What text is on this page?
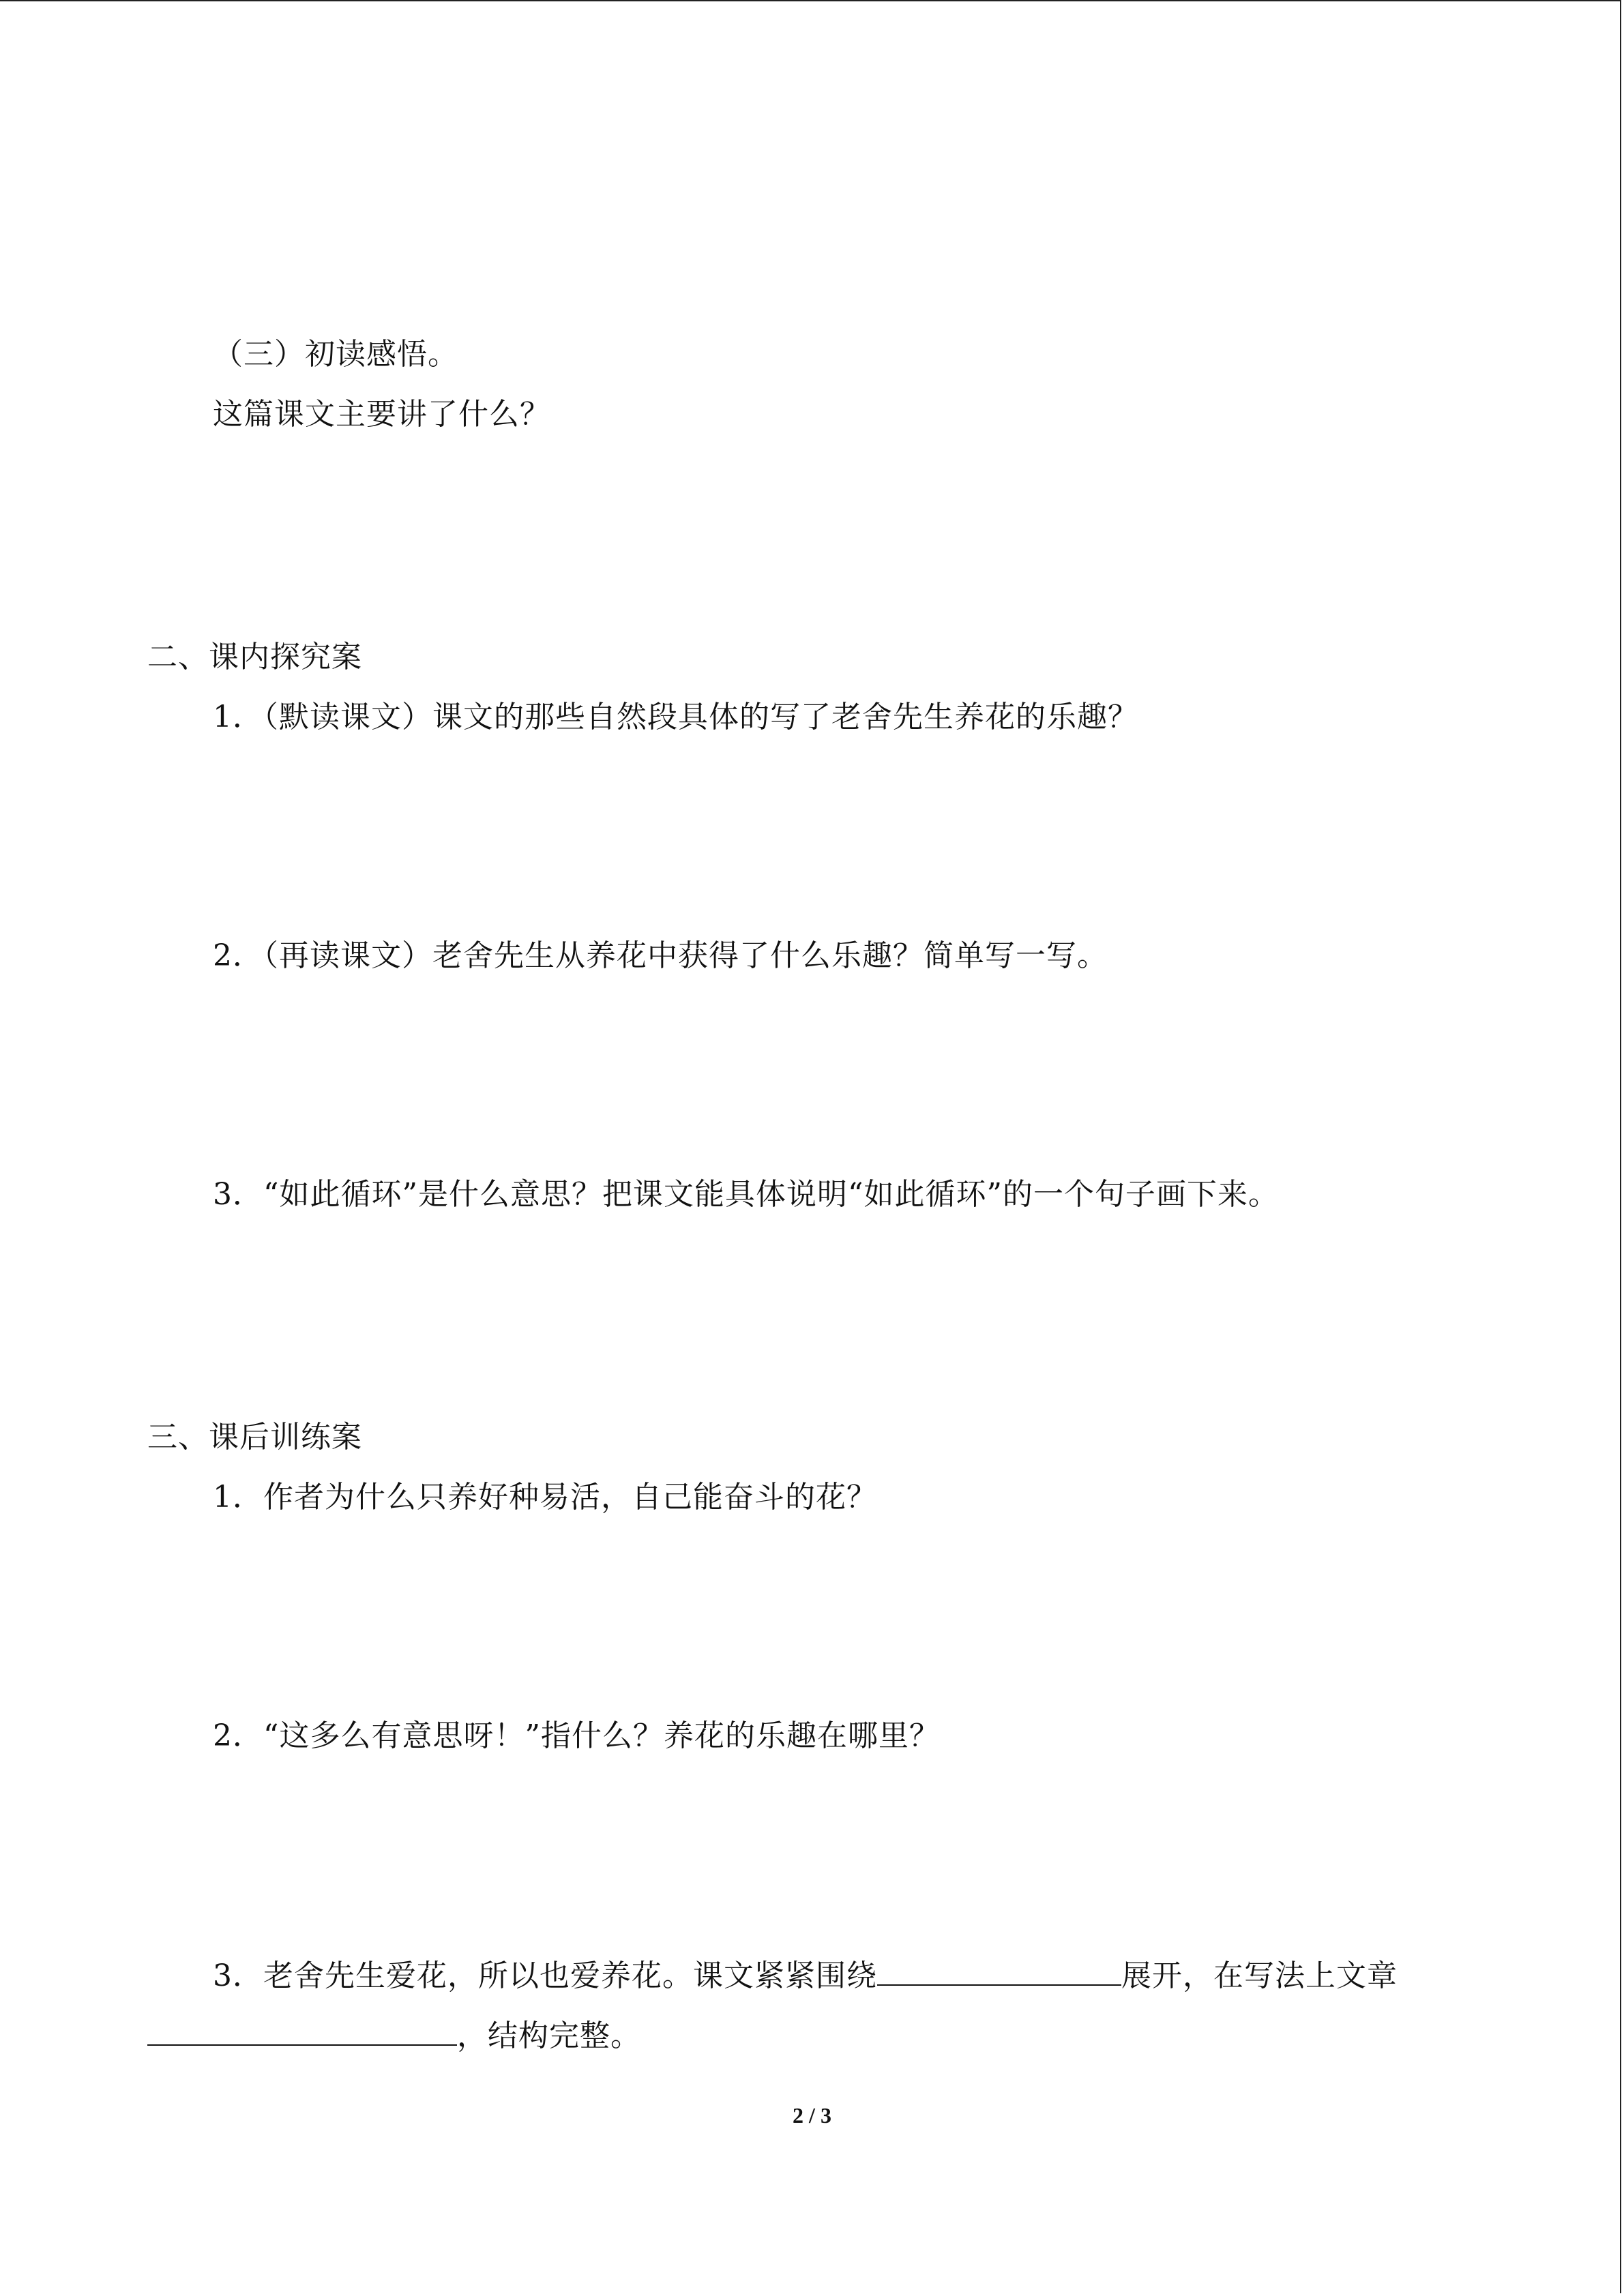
（三）初读感悟。
这篇课文主要讲了什么？
二、课内探究案
1．（默读课文）课文的那些自然段具体的写了老舍先生养花的乐趣？
2．（再读课文）老舍先生从养花中获得了什么乐趣？简单写一写。
3．“如此循环”是什么意思？把课文能具体说明“如此循环”的一个句子画下来。
三、课后训练案
1．作者为什么只养好种易活，自己能奋斗的花？
2．“这多么有意思呀！”指什么？养花的乐趣在哪里？
3．老舍先生爱花，所以也爱养花。课文紧紧围绕	展开，在写法上文章
，结构完整。
2 / 3
